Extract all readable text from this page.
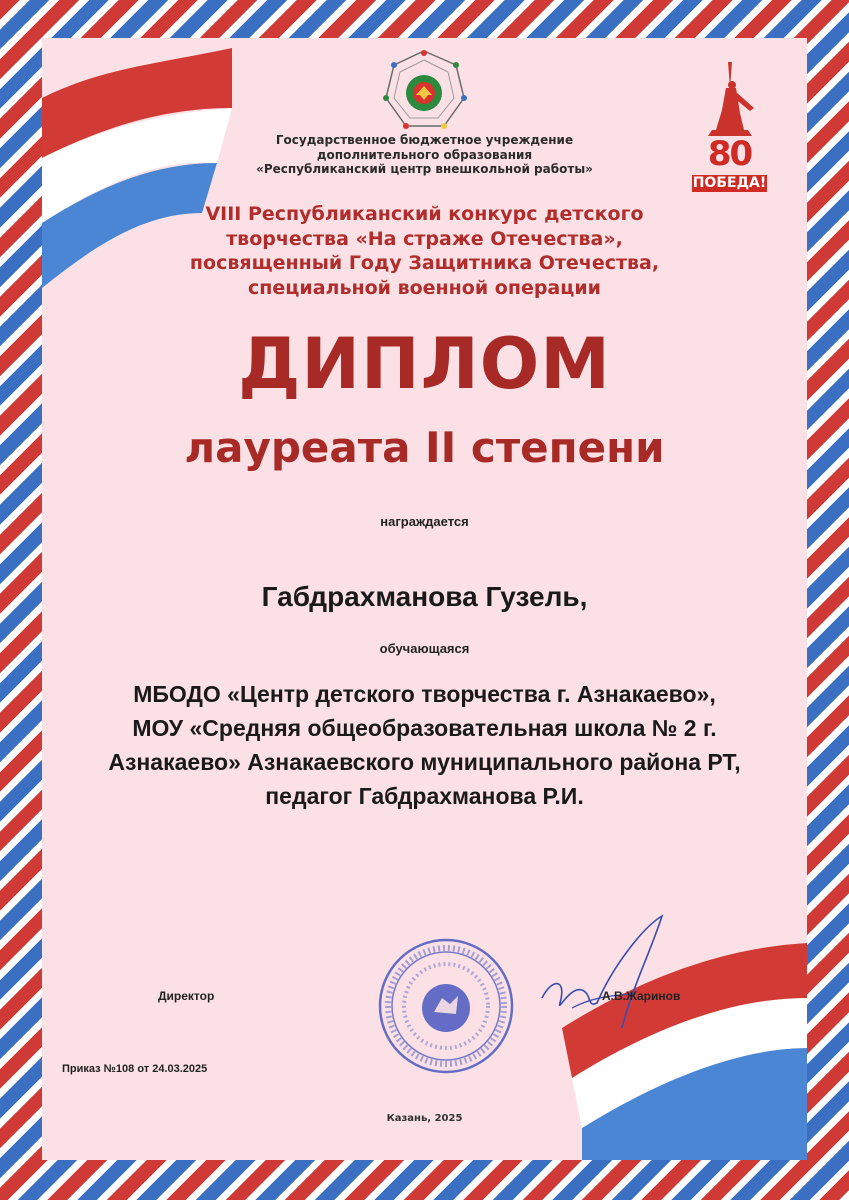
80
ПОБЕДА!
Государственное бюджетное учреждение
дополнительного образования
«Республиканский центр внешкольной работы»
VIII Республиканский конкурс детского
творчества «На страже Отечества»,
посвященный Году Защитника Отечества,
специальной военной операции
ДИПЛОМ
лауреата II степени
награждается
Габдрахманова Гузель,
обучающаяся
МБОДО «Центр детского творчества г. Азнакаево»,
МОУ «Средняя общеобразовательная школа № 2 г.
Азнакаево» Азнакаевского муниципального района РТ,
педагог Габдрахманова Р.И.
Директор	А.В.Жаринов
Приказ №108 от 24.03.2025
Казань, 2025
